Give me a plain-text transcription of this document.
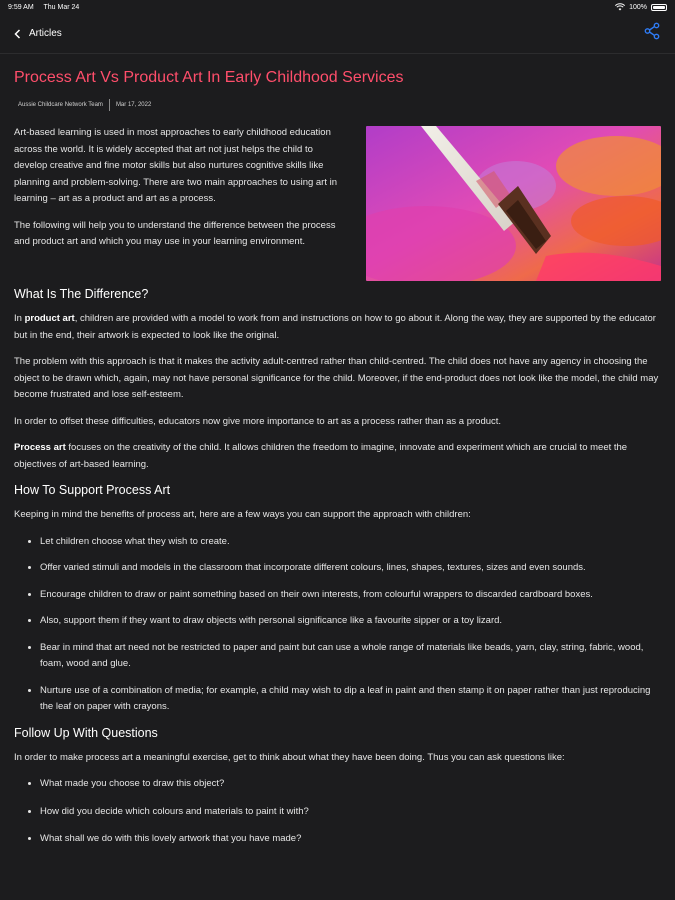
9:59 AM Thu Mar 24	100%
Articles
Process Art Vs Product Art In Early Childhood Services
Aussie Childcare Network Team Mar 17, 2022

Art-based learning is used in most approaches to early childhood education across the world. It is widely accepted that art not just helps the child to develop creative and fine motor skills but also nurtures cognitive skills like planning and problem-solving. There are two main approaches to using art in learning – art as a product and art as a process.

The following will help you to understand the difference between the process and product art and which you may use in your learning environment.

What Is The Difference?

In product art, children are provided with a model to work from and instructions on how to go about it. Along the way, they are supported by the educator but in the end, their artwork is expected to look like the original.

The problem with this approach is that it makes the activity adult-centred rather than child-centred. The child does not have any agency in choosing the object to be drawn which, again, may not have personal significance for the child. Moreover, if the end-product does not look like the model, the child may become frustrated and lose self-esteem.

In order to offset these difficulties, educators now give more importance to art as a process rather than as a product.

Process art focuses on the creativity of the child. It allows children the freedom to imagine, innovate and experiment which are crucial to meet the objectives of art-based learning.

How To Support Process Art

Keeping in mind the benefits of process art, here are a few ways you can support the approach with children:

• Let children choose what they wish to create.
• Offer varied stimuli and models in the classroom that incorporate different colours, lines, shapes, textures, sizes and even sounds.
• Encourage children to draw or paint something based on their own interests, from colourful wrappers to discarded cardboard boxes.
• Also, support them if they want to draw objects with personal significance like a favourite sipper or a toy lizard.
• Bear in mind that art need not be restricted to paper and paint but can use a whole range of materials like beads, yarn, clay, string, fabric, wood, foam, wood and glue.
• Nurture use of a combination of media; for example, a child may wish to dip a leaf in paint and then stamp it on paper rather than just reproducing the leaf on paper with crayons.
Follow Up With Questions

In order to make process art a meaningful exercise, get to think about what they have been doing. Thus you can ask questions like:

• What made you choose to draw this object?
• How did you decide which colours and materials to paint it with?
• What shall we do with this lovely artwork that you have made?
